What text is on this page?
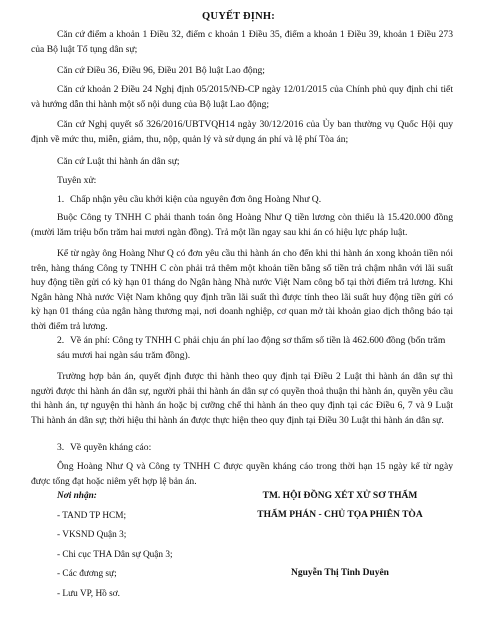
QUYẾT ĐỊNH:

Căn cứ điểm a khoản 1 Điều 32, điểm c khoản 1 Điều 35, điểm a khoản 1 Điều 39, khoản 1 Điều 273 của Bộ luật Tố tụng dân sự;

Căn cứ Điều 36, Điều 96, Điều 201 Bộ luật Lao động;

Căn cứ khoản 2 Điều 24 Nghị định 05/2015/NĐ-CP ngày 12/01/2015 của Chính phủ quy định chi tiết và hướng dẫn thi hành một số nội dung của Bộ luật Lao động;

Căn cứ Nghị quyết số 326/2016/UBTVQH14 ngày 30/12/2016 của Ủy ban thường vụ Quốc Hội quy định về mức thu, miễn, giảm, thu, nộp, quản lý và sử dụng án phí và lệ phí Tòa án;

Căn cứ Luật thi hành án dân sự;

Tuyên xử:

1. Chấp nhận yêu cầu khởi kiện của nguyên đơn ông Hoàng Như Q.

Buộc Công ty TNHH C phải thanh toán ông Hoàng Như Q tiền lương còn thiếu là 15.420.000 đồng (mười lăm triệu bốn trăm hai mươi ngàn đồng). Trả một lần ngay sau khi án có hiệu lực pháp luật.

Kể từ ngày ông Hoàng Như Q có đơn yêu cầu thi hành án cho đến khi thi hành án xong khoản tiền nói trên, hàng tháng Công ty TNHH C còn phải trả thêm một khoản tiền bằng số tiền trả chậm nhân với lãi suất huy động tiền gửi có kỳ hạn 01 tháng do Ngân hàng Nhà nước Việt Nam công bố tại thời điểm trả lương. Khi Ngân hàng Nhà nước Việt Nam không quy định trần lãi suất thì được tính theo lãi suất huy động tiền gửi có kỳ hạn 01 tháng của ngân hàng thương mại, nơi doanh nghiệp, cơ quan mở tài khoản giao dịch thông báo tại thời điểm trả lương.

2. Về án phí: Công ty TNHH C phải chịu án phí lao động sơ thẩm số tiền là 462.600 đồng (bốn trăm sáu mươi hai ngàn sáu trăm đồng).

Trường hợp bản án, quyết định được thi hành theo quy định tại Điều 2 Luật thi hành án dân sự thì người được thi hành án dân sự, người phải thi hành án dân sự có quyền thoả thuận thi hành án, quyền yêu cầu thi hành án, tự nguyện thi hành án hoặc bị cưỡng chế thi hành án theo quy định tại các Điều 6, 7 và 9 Luật Thi hành án dân sự; thời hiệu thi hành án được thực hiện theo quy định tại Điều 30 Luật thi hành án dân sự.

3. Về quyền kháng cáo:

Ông Hoàng Như Q và Công ty TNHH C được quyền kháng cáo trong thời hạn 15 ngày kể từ ngày được tống đạt hoặc niêm yết hợp lệ bản án.

Nơi nhận:
- TAND TP HCM;
- VKSND Quận 3;
- Chi cục THA Dân sự Quận 3;
- Các đương sự;
- Lưu VP, Hồ sơ.
TM. HỘI ĐỒNG XÉT XỬ SƠ THẨM
THẨM PHÁN - CHỦ TỌA PHIÊN TÒA
Nguyễn Thị Tinh Duyên
